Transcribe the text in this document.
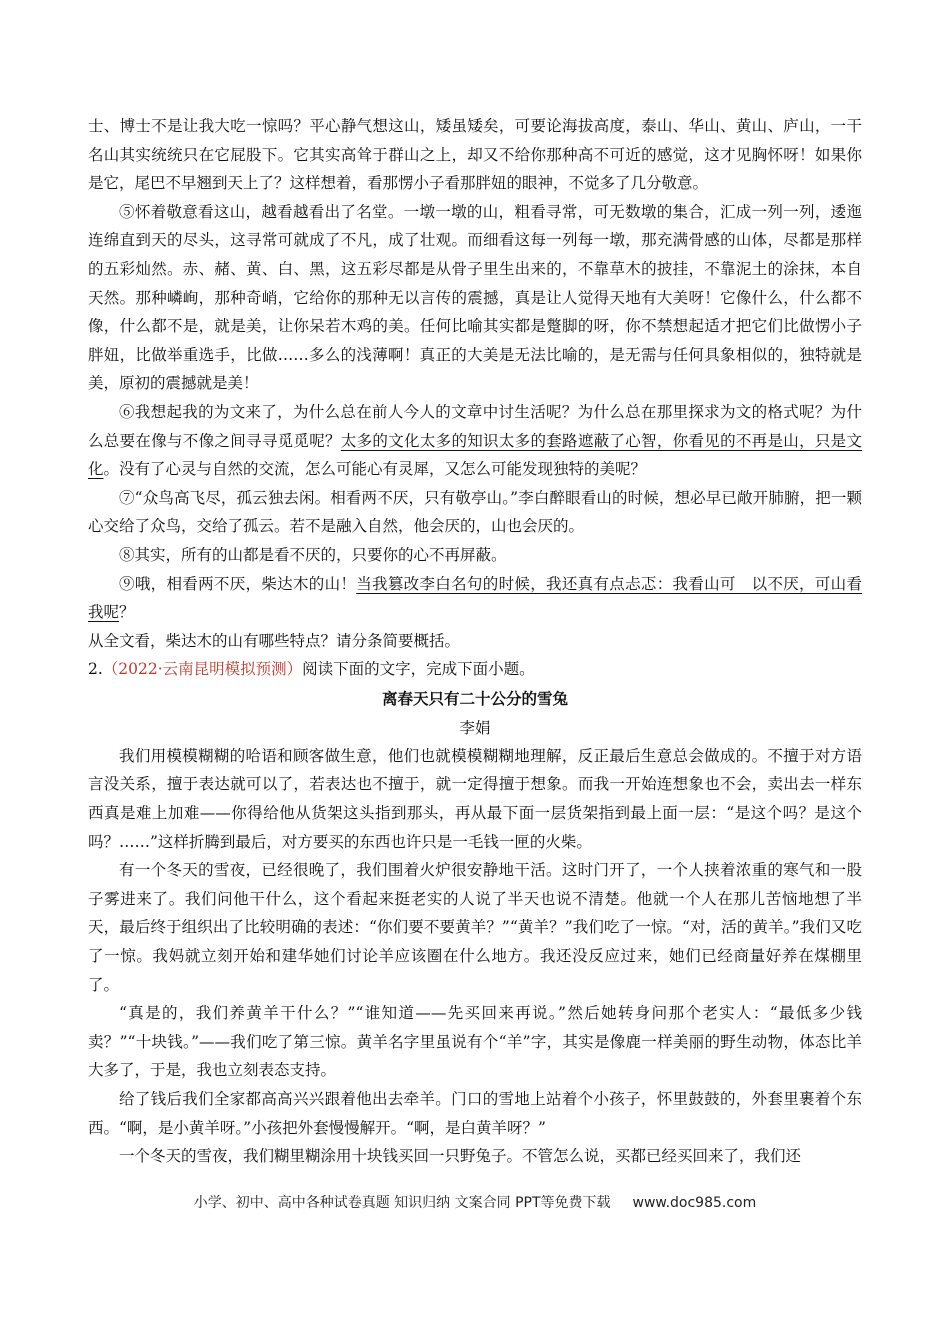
士、博士不是让我大吃一惊吗？平心静气想这山，矮虽矮矣，可要论海拔高度，泰山、华山、黄山、庐山，一干名山其实统统只在它屁股下。它其实高耸于群山之上，却又不给你那种高不可近的感觉，这才见胸怀呀！如果你是它，尾巴不早翘到天上了？这样想着，看那愣小子看那胖妞的眼神，不觉多了几分敬意。

⑤怀着敬意看这山，越看越看出了名堂。一墩一墩的山，粗看寻常，可无数墩的集合，汇成一列一列，逶迤连绵直到天的尽头，这寻常可就成了不凡，成了壮观。而细看这每一列每一墩，那充满骨感的山体，尽都是那样的五彩灿然。赤、赭、黄、白、黑，这五彩尽都是从骨子里生出来的，不靠草木的披挂，不靠泥土的涂抹，本自天然。那种嶙峋，那种奇峭，它给你的那种无以言传的震撼，真是让人觉得天地有大美呀！它像什么，什么都不像，什么都不是，就是美，让你呆若木鸡的美。任何比喻其实都是蹩脚的呀，你不禁想起适才把它们比做愣小子胖妞，比做举重选手，比做……多么的浅薄啊！真正的大美是无法比喻的，是无需与任何具象相似的，独特就是美，原初的震撼就是美！

⑥我想起我的为文来了，为什么总在前人今人的文章中讨生活呢？为什么总在那里探求为文的格式呢？为什么总要在像与不像之间寻寻觅觅呢？太多的文化太多的知识太多的套路遮蔽了心智，你看见的不再是山，只是文化。没有了心灵与自然的交流，怎么可能心有灵犀，又怎么可能发现独特的美呢？

⑦“众鸟高飞尽，孤云独去闲。相看两不厌，只有敬亭山。”李白醉眼看山的时候，想必早已敞开肺腑，把一颗心交给了众鸟，交给了孤云。若不是融入自然，他会厌的，山也会厌的。

⑧其实，所有的山都是看不厌的，只要你的心不再屏蔽。

⑨哦，相看两不厌，柴达木的山！当我篡改李白名句的时候，我还真有点忐忑：我看山可　以不厌，可山看我呢？

从全文看，柴达木的山有哪些特点？请分条简要概括。

2.（2022·云南昆明模拟预测）阅读下面的文字，完成下面小题。

离春天只有二十公分的雪兔

李娟

我们用模模糊糊的哈语和顾客做生意，他们也就模模糊糊地理解，反正最后生意总会做成的。不擅于对方语言没关系，擅于表达就可以了，若表达也不擅于，就一定得擅于想象。而我一开始连想象也不会，卖出去一样东西真是难上加难——你得给他从货架这头指到那头，再从最下面一层货架指到最上面一层：“是这个吗？是这个吗？……”这样折腾到最后，对方要买的东西也许只是一毛钱一匣的火柴。

有一个冬天的雪夜，已经很晚了，我们围着火炉很安静地干活。这时门开了，一个人挟着浓重的寒气和一股子雾进来了。我们问他干什么，这个看起来挺老实的人说了半天也说不清楚。他就一个人在那儿苦恼地想了半天，最后终于组织出了比较明确的表述：“你们要不要黄羊？”“黄羊？”我们吃了一惊。“对，活的黄羊。”我们又吃了一惊。我妈就立刻开始和建华她们讨论羊应该圈在什么地方。我还没反应过来，她们已经商量好养在煤棚里了。

“真是的，我们养黄羊干什么？”“谁知道——先买回来再说。”然后她转身问那个老实人：“最低多少钱卖？”“十块钱。”——我们吃了第三惊。黄羊名字里虽说有个“羊”字，其实是像鹿一样美丽的野生动物，体态比羊大多了，于是，我也立刻表态支持。

给了钱后我们全家都高高兴兴跟着他出去牵羊。门口的雪地上站着个小孩子，怀里鼓鼓的，外套里裹着个东西。“啊，是小黄羊呀。”小孩把外套慢慢解开。“啊，是白黄羊呀？”

一个冬天的雪夜，我们糊里糊涂用十块钱买回一只野兔子。不管怎么说，买都已经买回来了，我们还

小学、初中、高中各种试卷真题 知识归纳 文案合同 PPT等免费下载 www.doc985.com
